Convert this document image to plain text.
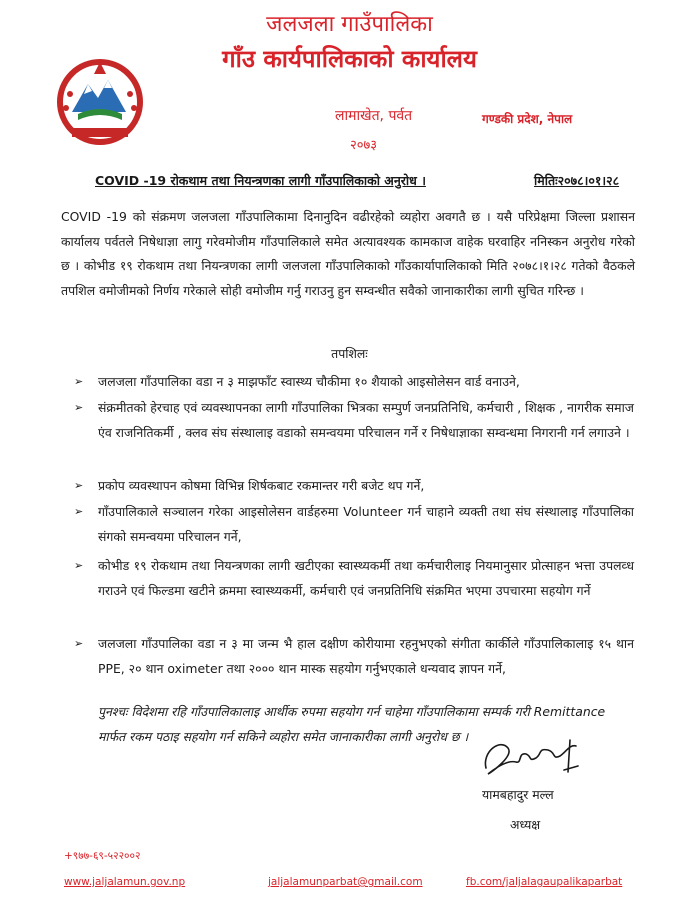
जलजला गाउँपालिका
गाँउ कार्यपालिकाको कार्यालय
लामाखेत, पर्वत	गण्डकी प्रदेश, नेपाल
२०७३
COVID -19 रोकथाम तथा नियन्त्रणका लागी गाँउपालिकाको अनुरोध ।	मितिः२०७८।०१।२८
COVID -19 को संक्रमण जलजला गाँउपालिकामा दिनानुदिन वढीरहेको व्यहोरा अवगतै छ । यसै परिप्रेक्षमा जिल्ला प्रशासन कार्यालय पर्वतले निषेधाज्ञा लागु गरेवमोजीम गाँउपालिकाले समेत अत्यावश्यक कामकाज वाहेक घरवाहिर ननिस्कन अनुरोध गरेको छ । कोभीड १९ रोकथाम तथा नियन्त्रणका लागी जलजला गाँउपालिकाको गाँउकार्यापालिकाको मिति २०७८।१।२८ गतेको वैठकले तपशिल वमोजीमको निर्णय गरेकाले सोही वमोजीम गर्नु गराउनु हुन सम्वन्धीत सवैको जानाकारीका लागी सुचित गरिन्छ ।
तपशिलः
➢ जलजला गाँउपालिका वडा न ३ माझफाँट स्वास्थ्य चौकीमा १० शैयाको आइसोलेसन वार्ड वनाउने,
➢ संक्रमीतको हेरचाह एवं व्यवस्थापनका लागी गाँउपालिका भित्रका सम्पुर्ण जनप्रतिनिधि, कर्मचारी , शिक्षक , नागरीक समाज एंव राजनितिकर्मी , क्लव संघ संस्थालाइ वडाको समन्वयमा परिचालन गर्ने र निषेधाज्ञाका सम्वन्धमा निगरानी गर्न लगाउने ।
➢ प्रकोप व्यवस्थापन कोषमा विभिन्न शिर्षकबाट रकमान्तर गरी बजेट थप गर्ने,
➢ गाँउपालिकाले सञ्चालन गरेका आइसोलेसन वार्डहरुमा Volunteer गर्न चाहाने व्यक्ती तथा संघ संस्थालाइ गाँउपालिका संगको समन्वयमा परिचालन गर्ने,
➢ कोभीड १९ रोकथाम तथा नियन्त्रणका लागी खटीएका स्वास्थ्यकर्मी तथा कर्मचारीलाइ नियमानुसार प्रोत्साहन भत्ता उपलव्ध गराउने एवं फिल्डमा खटीने क्रममा स्वास्थ्यकर्मी, कर्मचारी एवं जनप्रतिनिधि संक्रमित भएमा उपचारमा सहयोग गर्ने
➢ जलजला गाँउपालिका वडा न ३ मा जन्म भै हाल दक्षीण कोरीयामा रहनुभएको संगीता कार्कीले गाँउपालिकालाइ १५ थान PPE, २० थान oximeter तथा २००० थान मास्क सहयोग गर्नुभएकाले धन्यवाद ज्ञापन गर्ने,
पुनश्चः विदेशमा रहि गाँउपालिकालाइ आर्थीक रुपमा सहयोग गर्न चाहेमा गाँउपालिकामा सम्पर्क गरी Remittance मार्फत रकम पठाइ सहयोग गर्न सकिने व्यहोरा समेत जानाकारीका लागी अनुरोध छ ।
यामबहादुर मल्ल
अध्यक्ष
+९७७-६९-५२२००२
www.jaljalamun.gov.np	jaljalamunparbat@gmail.com	fb.com/jaljalagaupalikaparbat
